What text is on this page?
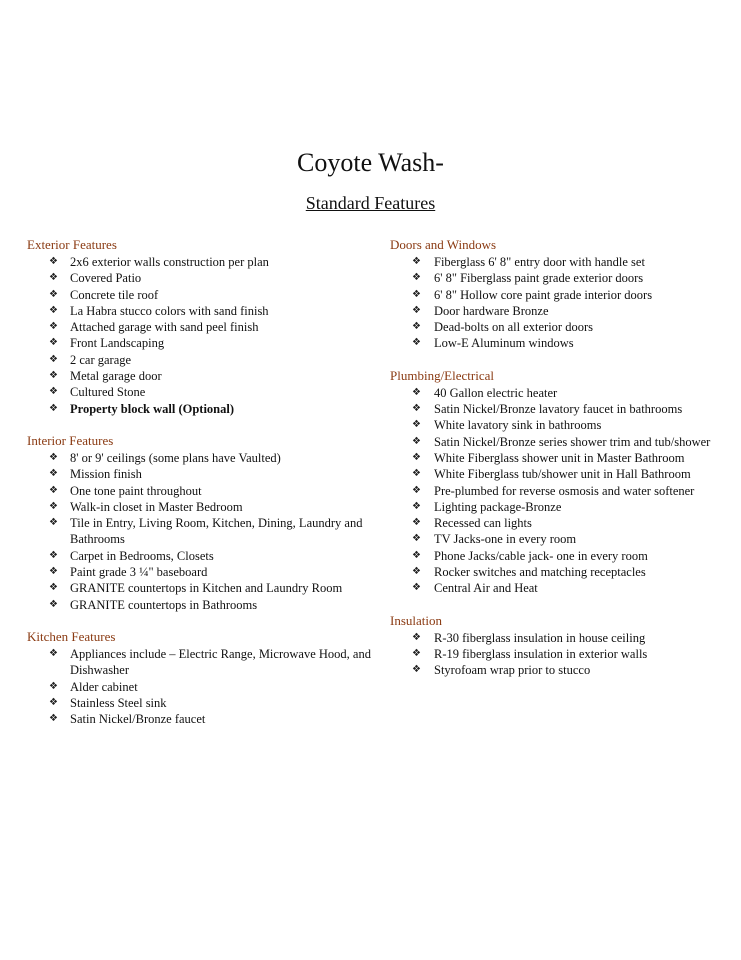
Coyote Wash-
Standard Features
Exterior Features
❖ 2x6 exterior walls construction per plan
❖ Covered Patio
❖ Concrete tile roof
❖ La Habra stucco colors with sand finish
❖ Attached garage with sand peel finish
❖ Front Landscaping
❖ 2 car garage
❖ Metal garage door
❖ Cultured Stone
❖ Property block wall (Optional)
Interior Features
❖ 8' or 9' ceilings (some plans have Vaulted)
❖ Mission finish
❖ One tone paint throughout
❖ Walk-in closet in Master Bedroom
❖ Tile in Entry, Living Room, Kitchen, Dining, Laundry and Bathrooms
❖ Carpet in Bedrooms, Closets
❖ Paint grade 3 ¼" baseboard
❖ GRANITE countertops in Kitchen and Laundry Room
❖ GRANITE countertops in Bathrooms
Kitchen Features
❖ Appliances include – Electric Range, Microwave Hood, and Dishwasher
❖ Alder cabinet
❖ Stainless Steel sink
❖ Satin Nickel/Bronze faucet
Doors and Windows
❖ Fiberglass 6' 8" entry door with handle set
❖ 6' 8" Fiberglass paint grade exterior doors
❖ 6' 8" Hollow core paint grade interior doors
❖ Door hardware Bronze
❖ Dead-bolts on all exterior doors
❖ Low-E Aluminum windows
Plumbing/Electrical
❖ 40 Gallon electric heater
❖ Satin Nickel/Bronze lavatory faucet in bathrooms
❖ White lavatory sink in bathrooms
❖ Satin Nickel/Bronze series shower trim and tub/shower
❖ White Fiberglass shower unit in Master Bathroom
❖ White Fiberglass tub/shower unit in Hall Bathroom
❖ Pre-plumbed for reverse osmosis and water softener
❖ Lighting package-Bronze
❖ Recessed can lights
❖ TV Jacks-one in every room
❖ Phone Jacks/cable jack- one in every room
❖ Rocker switches and matching receptacles
❖ Central Air and Heat
Insulation
❖ R-30 fiberglass insulation in house ceiling
❖ R-19 fiberglass insulation in exterior walls
❖ Styrofoam wrap prior to stucco
